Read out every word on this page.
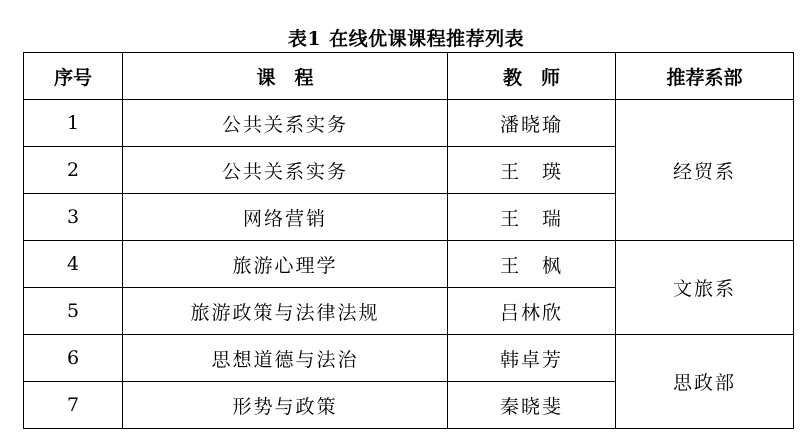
表1 在线优课课程推荐列表
序号	课　程	教　师	推荐系部
1	公共关系实务	潘晓瑜	经贸系
2	公共关系实务	王　瑛	
3	网络营销	王　瑞	
4	旅游心理学	王　枫	文旅系
5	旅游政策与法律法规	吕林欣	
6	思想道德与法治	韩卓芳	思政部
7	形势与政策	秦晓斐	
